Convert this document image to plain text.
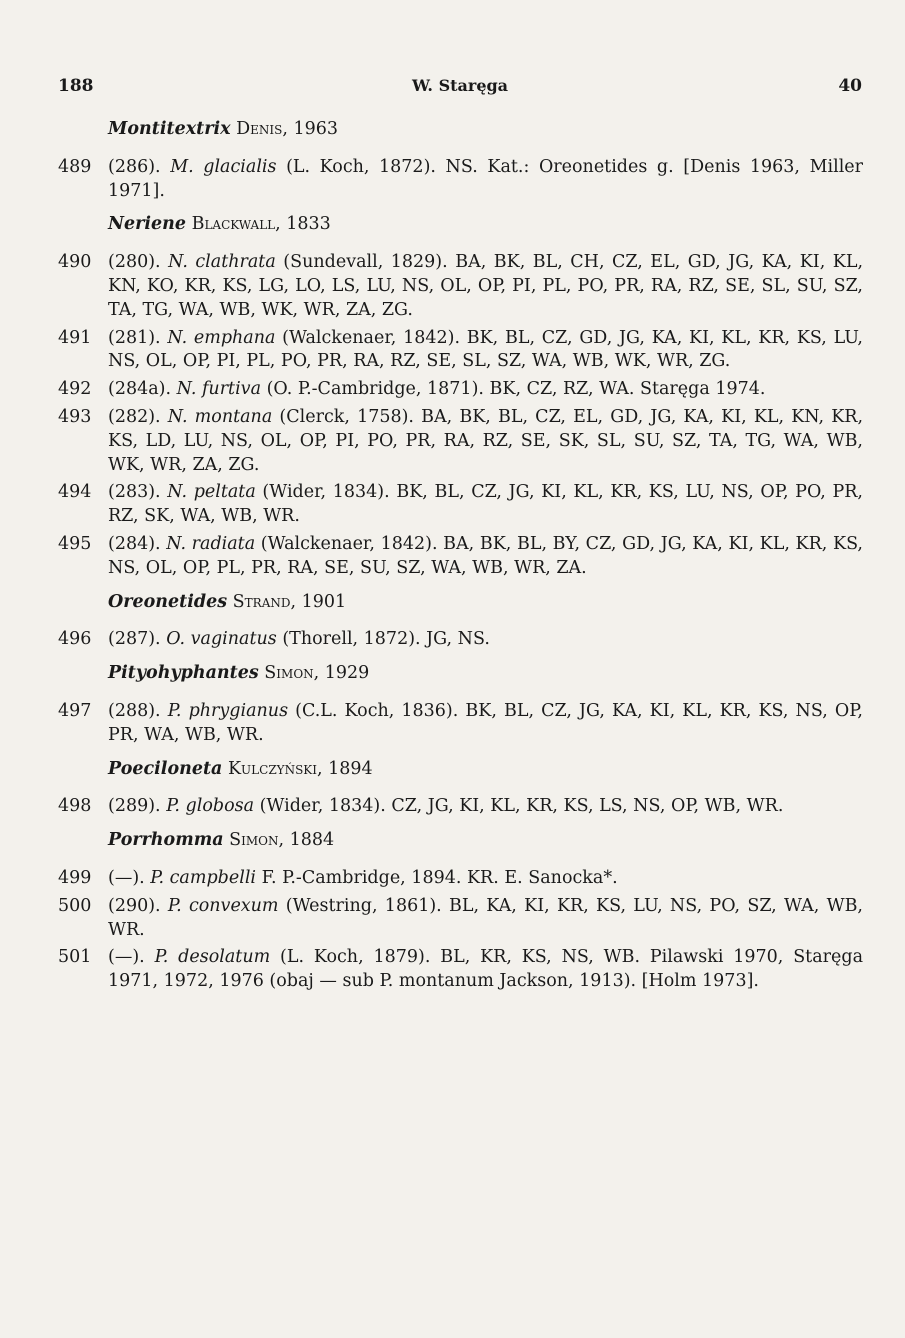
188	W. Staręga	40
Montitextrix Denis, 1963
489 (286). M. glacialis (L. Koch, 1872). NS. Kat.: Oreonetides g. [Denis 1963, Miller 1971].
Neriene Blackwall, 1833
490 (280). N. clathrata (Sundevall, 1829). BA, BK, BL, CH, CZ, EL, GD, JG, KA, KI, KL, KN, KO, KR, KS, LG, LO, LS, LU, NS, OL, OP, PI, PL, PO, PR, RA, RZ, SE, SL, SU, SZ, TA, TG, WA, WB, WK, WR, ZA, ZG.
491 (281). N. emphana (Walckenaer, 1842). BK, BL, CZ, GD, JG, KA, KI, KL, KR, KS, LU, NS, OL, OP, PI, PL, PO, PR, RA, RZ, SE, SL, SZ, WA, WB, WK, WR, ZG.
492 (284a). N. furtiva (O. P.-Cambridge, 1871). BK, CZ, RZ, WA. Staręga 1974.
493 (282). N. montana (Clerck, 1758). BA, BK, BL, CZ, EL, GD, JG, KA, KI, KL, KN, KR, KS, LD, LU, NS, OL, OP, PI, PO, PR, RA, RZ, SE, SK, SL, SU, SZ, TA, TG, WA, WB, WK, WR, ZA, ZG.
494 (283). N. peltata (Wider, 1834). BK, BL, CZ, JG, KI, KL, KR, KS, LU, NS, OP, PO, PR, RZ, SK, WA, WB, WR.
495 (284). N. radiata (Walckenaer, 1842). BA, BK, BL, BY, CZ, GD, JG, KA, KI, KL, KR, KS, NS, OL, OP, PL, PR, RA, SE, SU, SZ, WA, WB, WR, ZA.
Oreonetides Strand, 1901
496 (287). O. vaginatus (Thorell, 1872). JG, NS.
Pityohyphantes Simon, 1929
497 (288). P. phrygianus (C.L. Koch, 1836). BK, BL, CZ, JG, KA, KI, KL, KR, KS, NS, OP, PR, WA, WB, WR.
Poeciloneta Kulczyński, 1894
498 (289). P. globosa (Wider, 1834). CZ, JG, KI, KL, KR, KS, LS, NS, OP, WB, WR.
Porrhomma Simon, 1884
499 (—). P. campbelli F. P.-Cambridge, 1894. KR. E. Sanocka*.
500 (290). P. convexum (Westring, 1861). BL, KA, KI, KR, KS, LU, NS, PO, SZ, WA, WB, WR.
501 (—). P. desolatum (L. Koch, 1879). BL, KR, KS, NS, WB. Pilawski 1970, Staręga 1971, 1972, 1976 (obaj — sub P. montanum Jackson, 1913). [Holm 1973].
